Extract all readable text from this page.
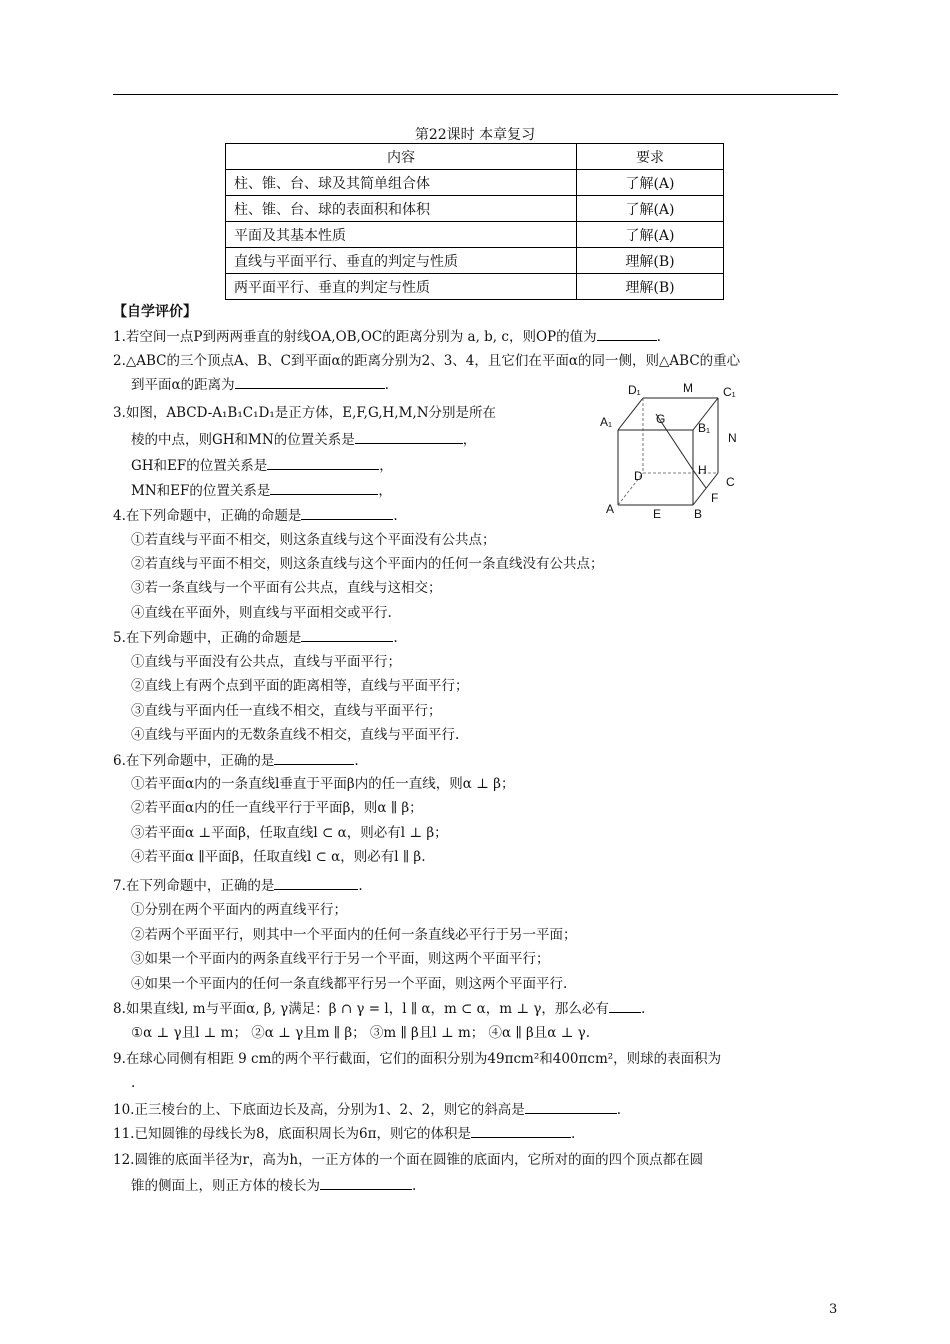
第22课时 本章复习
内容	要求
柱、锥、台、球及其简单组合体	了解(A)
柱、锥、台、球的表面积和体积	了解(A)
平面及其基本性质	了解(A)
直线与平面平行、垂直的判定与性质	理解(B)
两平面平行、垂直的判定与性质	理解(B)
【自学评价】
1.若空间一点P到两两垂直的射线OA,OB,OC的距离分别为 a, b, c，则OP的值为	.
2.△ABC的三个顶点A、B、C到平面α的距离分别为2、3、4，且它们在平面α的同一侧，则△ABC的重心
到平面α的距离为	.
3.如图，ABCD-A₁B₁C₁D₁是正方体，E,F,G,H,M,N分别是所在
棱的中点，则GH和MN的位置关系是	，
GH和EF的位置关系是	，
MN和EF的位置关系是	，
D₁	M	C₁
A₁	G
B₁
N
D	H
C
F
A	E	B
4.在下列命题中，正确的命题是	.
①若直线与平面不相交，则这条直线与这个平面没有公共点；
②若直线与平面不相交，则这条直线与这个平面内的任何一条直线没有公共点；
③若一条直线与一个平面有公共点，直线与这相交；
④直线在平面外，则直线与平面相交或平行.
5.在下列命题中，正确的命题是	.
①直线与平面没有公共点，直线与平面平行；
②直线上有两个点到平面的距离相等，直线与平面平行；
③直线与平面内任一直线不相交，直线与平面平行；
④直线与平面内的无数条直线不相交，直线与平面平行.
6.在下列命题中，正确的是	.
①若平面α内的一条直线l垂直于平面β内的任一直线，则α ⊥ β；
②若平面α内的任一直线平行于平面β，则α ∥ β；
③若平面α ⊥平面β，任取直线l ⊂ α，则必有l ⊥ β；
④若平面α ∥平面β，任取直线l ⊂ α，则必有l ∥ β.
7.在下列命题中，正确的是	.
①分别在两个平面内的两直线平行；
②若两个平面平行，则其中一个平面内的任何一条直线必平行于另一平面；
③如果一个平面内的两条直线平行于另一个平面，则这两个平面平行；
④如果一个平面内的任何一条直线都平行另一个平面，则这两个平面平行.
8.如果直线l, m与平面α, β, γ满足：β ∩ γ = l，l ∥ α，m ⊂ α，m ⊥ γ，那么必有 .
①α ⊥ γ且l ⊥ m； ②α ⊥ γ且m ∥ β； ③m ∥ β且l ⊥ m； ④α ∥ β且α ⊥ γ.
9.在球心同侧有相距 9 cm的两个平行截面，它们的面积分别为49πcm²和400πcm²，则球的表面积为
.
10.正三棱台的上、下底面边长及高，分别为1、2、2，则它的斜高是	.
11.已知圆锥的母线长为8，底面积周长为6π，则它的体积是	.
12.圆锥的底面半径为r，高为h，一正方体的一个面在圆锥的底面内，它所对的面的四个顶点都在圆
锥的侧面上，则正方体的棱长为	.
3
